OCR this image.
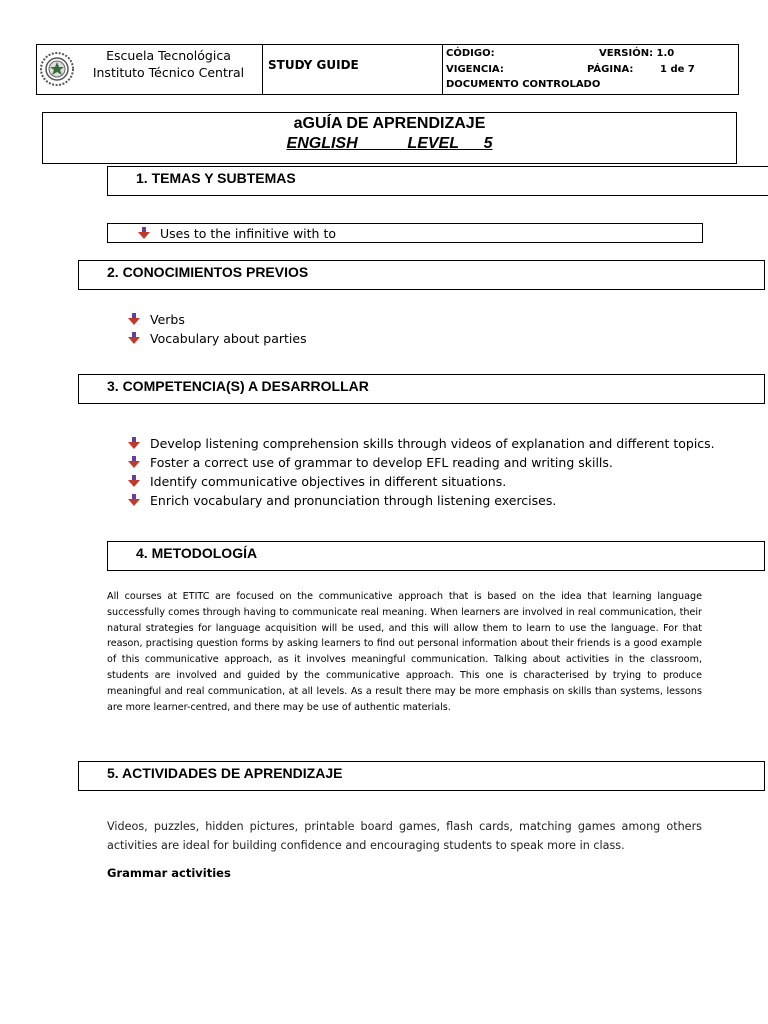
Escuela Tecnológica
Instituto Técnico Central	STUDY GUIDE
CÓDIGO:	VERSIÓN: 1.0
VIGENCIA:	PÁGINA:	1 de 7
DOCUMENTO CONTROLADO
aGUÍA DE APRENDIZAJE
ENGLISH    LEVEL  5
1. TEMAS Y SUBTEMAS
Uses to the infinitive with to
2. CONOCIMIENTOS PREVIOS
Verbs
Vocabulary about parties
3. COMPETENCIA(S) A DESARROLLAR
Develop listening comprehension skills through videos of explanation and different topics.
Foster a correct use of grammar to develop EFL reading and writing skills.
Identify communicative objectives in different situations.
Enrich vocabulary and pronunciation through listening exercises.
4. METODOLOGÍA
All courses at ETITC are focused on the communicative approach that is based on the idea that learning language successfully comes through having to communicate real meaning. When learners are involved in real communication, their natural strategies for language acquisition will be used, and this will allow them to learn to use the language. For that reason, practising question forms by asking learners to find out personal information about their friends is a good example of this communicative approach, as it involves meaningful communication. Talking about activities in the classroom, students are involved and guided by the communicative approach. This one is characterised by trying to produce meaningful and real communication, at all levels. As a result there may be more emphasis on skills than systems, lessons are more learner-centred, and there may be use of authentic materials.
5. ACTIVIDADES DE APRENDIZAJE
Videos, puzzles, hidden pictures, printable board games, flash cards, matching games among others activities are ideal for building confidence and encouraging students to speak more in class.
Grammar activities
